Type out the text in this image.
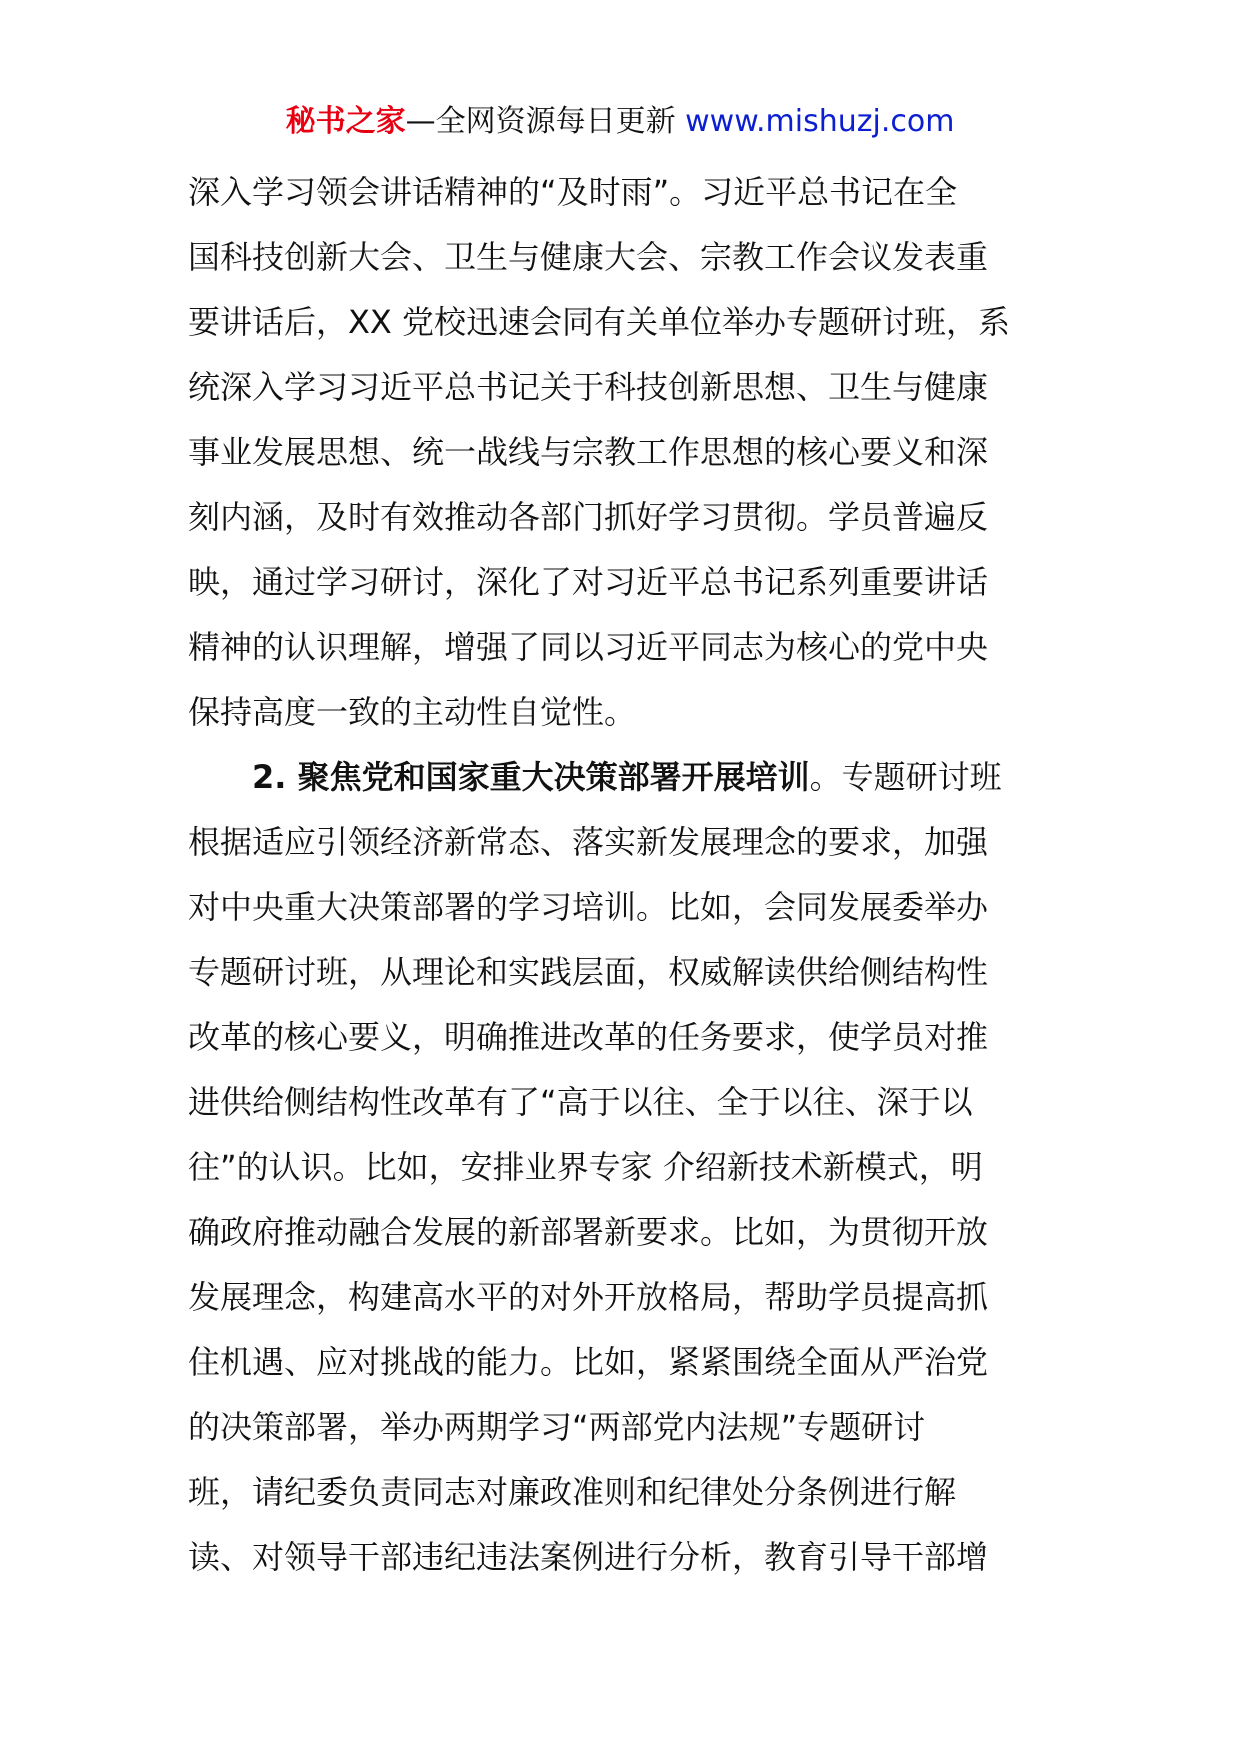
秘书之家—全网资源每日更新 www.mishuzj.com
深入学习领会讲话精神的“及时雨”。习近平总书记在全
国科技创新大会、卫生与健康大会、宗教工作会议发表重
要讲话后，XX 党校迅速会同有关单位举办专题研讨班，系
统深入学习习近平总书记关于科技创新思想、卫生与健康
事业发展思想、统一战线与宗教工作思想的核心要义和深
刻内涵，及时有效推动各部门抓好学习贯彻。学员普遍反
映，通过学习研讨，深化了对习近平总书记系列重要讲话
精神的认识理解，增强了同以习近平同志为核心的党中央
保持高度一致的主动性自觉性。
2. 聚焦党和国家重大决策部署开展培训。专题研讨班
根据适应引领经济新常态、落实新发展理念的要求，加强
对中央重大决策部署的学习培训。比如，会同发展委举办
专题研讨班，从理论和实践层面，权威解读供给侧结构性
改革的核心要义，明确推进改革的任务要求，使学员对推
进供给侧结构性改革有了“高于以往、全于以往、深于以
往”的认识。比如，安排业界专家 介绍新技术新模式，明
确政府推动融合发展的新部署新要求。比如，为贯彻开放
发展理念，构建高水平的对外开放格局，帮助学员提高抓
住机遇、应对挑战的能力。比如，紧紧围绕全面从严治党
的决策部署，举办两期学习“两部党内法规”专题研讨
班，请纪委负责同志对廉政准则和纪律处分条例进行解
读、对领导干部违纪违法案例进行分析，教育引导干部增
